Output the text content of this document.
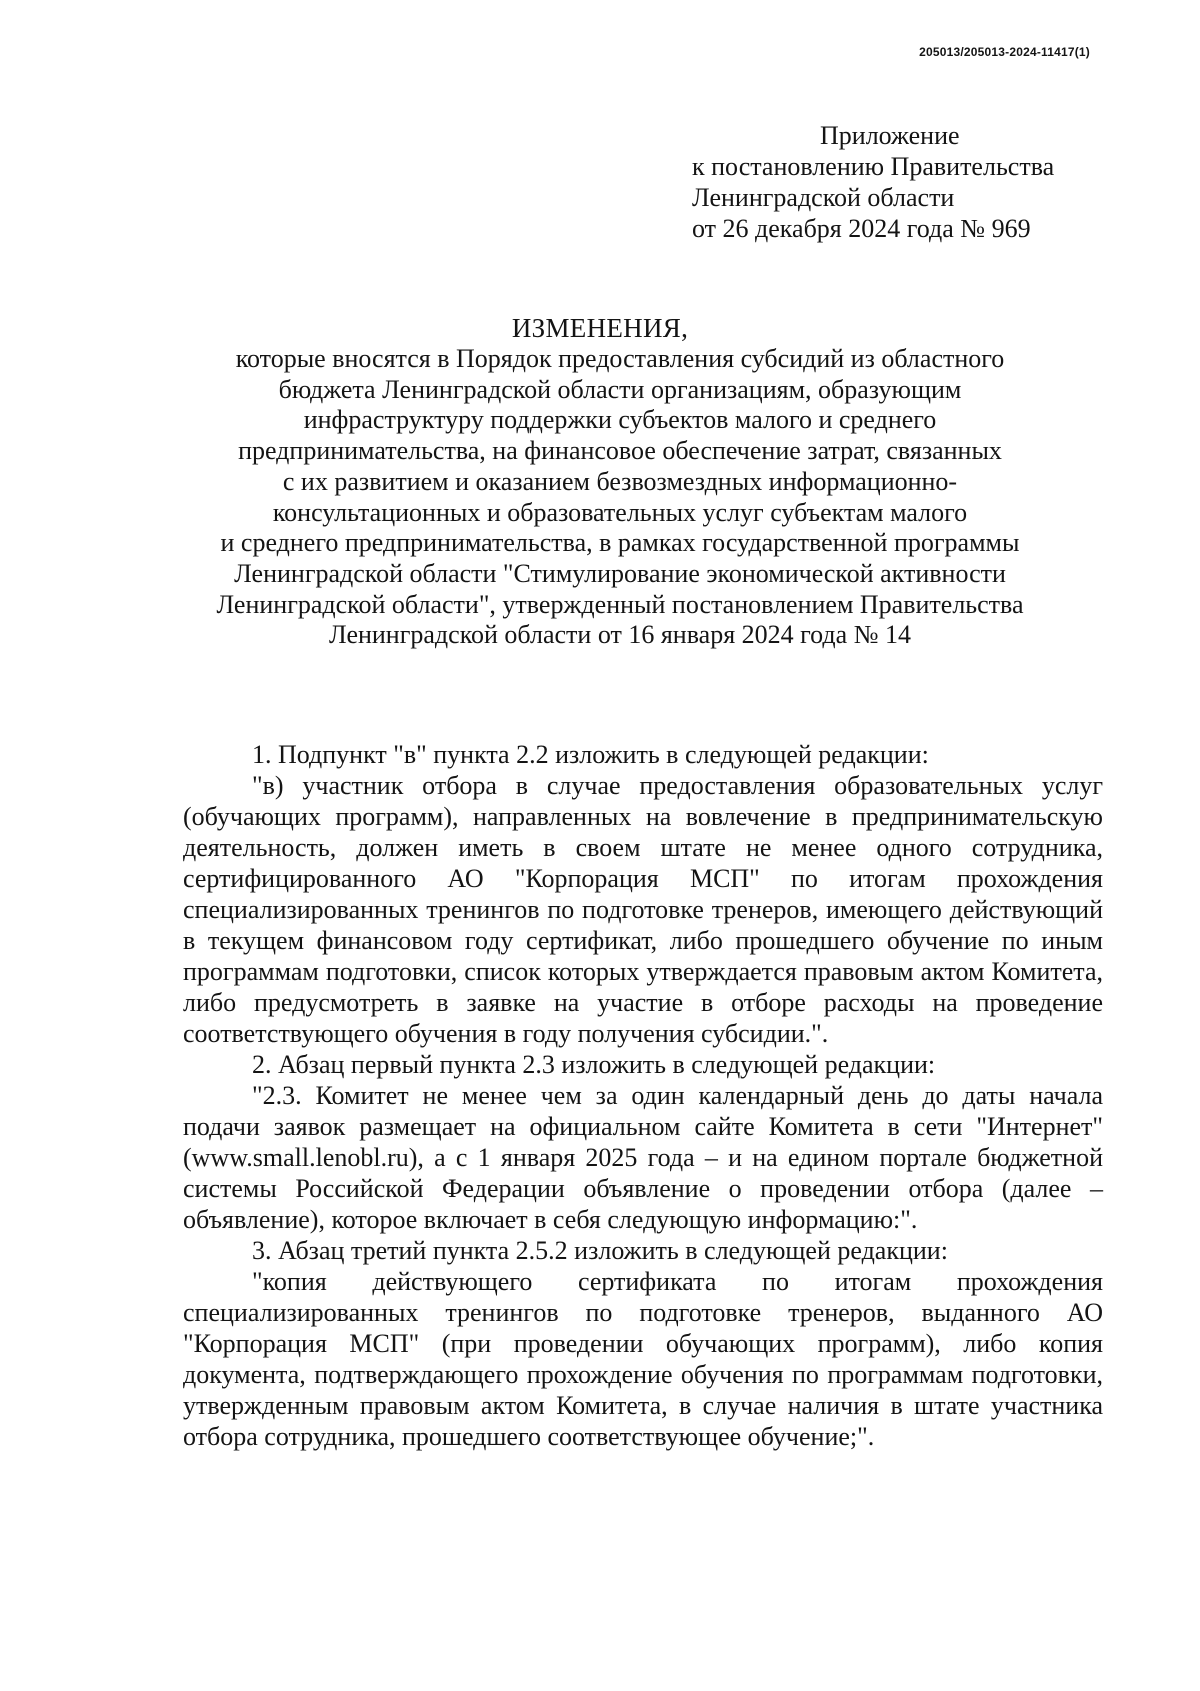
205013/205013-2024-11417(1)
Приложение
к постановлению Правительства
Ленинградской области
от 26 декабря 2024 года № 969
ИЗМЕНЕНИЯ,
которые вносятся в Порядок предоставления субсидий из областного
бюджета Ленинградской области организациям, образующим
инфраструктуру поддержки субъектов малого и среднего
предпринимательства, на финансовое обеспечение затрат, связанных
с их развитием и оказанием безвозмездных информационно-
консультационных и образовательных услуг субъектам малого
и среднего предпринимательства, в рамках государственной программы
Ленинградской области "Стимулирование экономической активности
Ленинградской области", утвержденный постановлением Правительства
Ленинградской области от 16 января 2024 года № 14

1. Подпункт "в" пункта 2.2 изложить в следующей редакции:

"в) участник отбора в случае предоставления образовательных услуг (обучающих программ), направленных на вовлечение в предпринимательскую деятельность, должен иметь в своем штате не менее одного сотрудника, сертифицированного АО "Корпорация МСП" по итогам прохождения специализированных тренингов по подготовке тренеров, имеющего действующий в текущем финансовом году сертификат, либо прошедшего обучение по иным программам подготовки, список которых утверждается правовым актом Комитета, либо предусмотреть в заявке на участие в отборе расходы на проведение соответствующего обучения в году получения субсидии.".

2. Абзац первый пункта 2.3 изложить в следующей редакции:

"2.3. Комитет не менее чем за один календарный день до даты начала подачи заявок размещает на официальном сайте Комитета в сети "Интернет" (www.small.lenobl.ru), а с 1 января 2025 года – и на едином портале бюджетной системы Российской Федерации объявление о проведении отбора (далее – объявление), которое включает в себя следующую информацию:".

3. Абзац третий пункта 2.5.2 изложить в следующей редакции:

"копия действующего сертификата по итогам прохождения специализированных тренингов по подготовке тренеров, выданного АО "Корпорация МСП" (при проведении обучающих программ), либо копия документа, подтверждающего прохождение обучения по программам подготовки, утвержденным правовым актом Комитета, в случае наличия в штате участника отбора сотрудника, прошедшего соответствующее обучение;".
